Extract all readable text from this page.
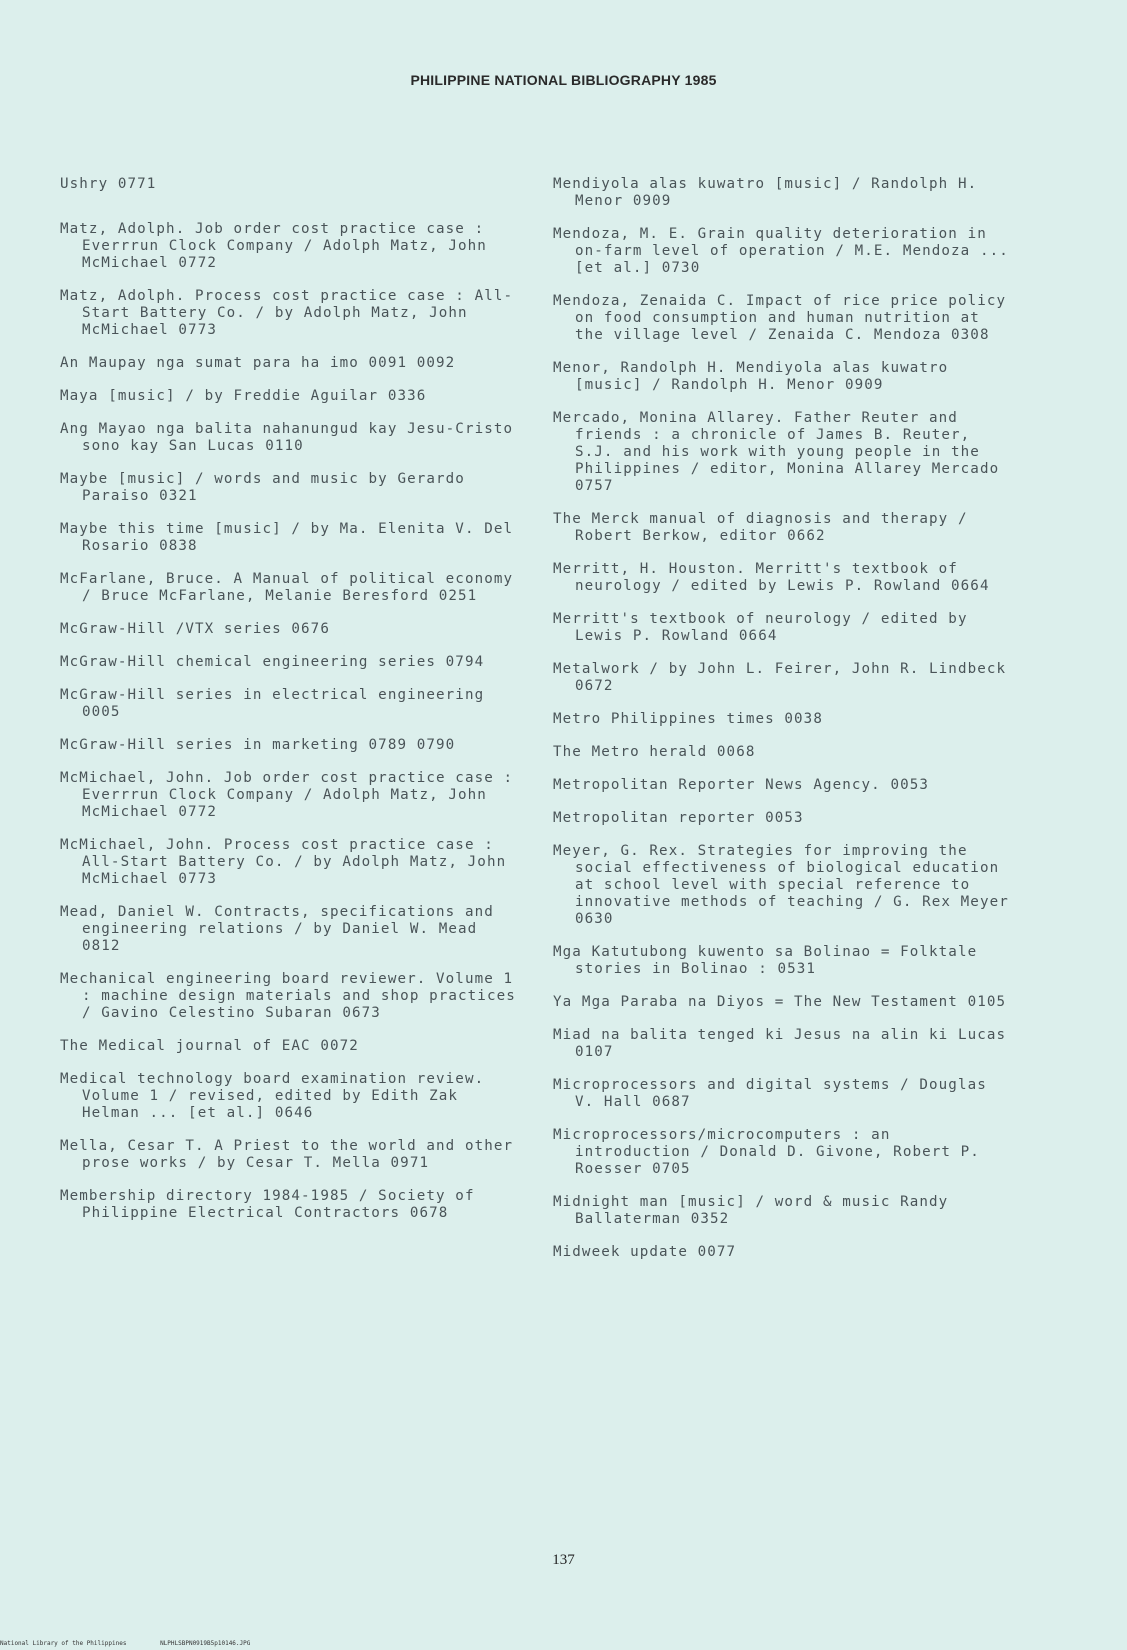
PHILIPPINE NATIONAL BIBLIOGRAPHY 1985

Ushry 0771

Matz, Adolph. Job order cost practice case : Everrrun Clock Company / Adolph Matz, John McMichael 0772

Matz, Adolph. Process cost practice case : All-Start Battery Co. / by Adolph Matz, John McMichael 0773

An Maupay nga sumat para ha imo 0091 0092

Maya [music] / by Freddie Aguilar 0336

Ang Mayao nga balita nahanungud kay Jesu-Cristo sono kay San Lucas 0110

Maybe [music] / words and music by Gerardo Paraiso 0321

Maybe this time [music] / by Ma. Elenita V. Del Rosario 0838

McFarlane, Bruce. A Manual of political economy / Bruce McFarlane, Melanie Beresford 0251

McGraw-Hill /VTX series 0676

McGraw-Hill chemical engineering series 0794

McGraw-Hill series in electrical engineering 0005

McGraw-Hill series in marketing 0789 0790

McMichael, John. Job order cost practice case : Everrrun Clock Company / Adolph Matz, John McMichael 0772

McMichael, John. Process cost practice case : All-Start Battery Co. / by Adolph Matz, John McMichael 0773

Mead, Daniel W. Contracts, specifications and engineering relations / by Daniel W. Mead 0812

Mechanical engineering board reviewer. Volume 1 : machine design materials and shop practices / Gavino Celestino Subaran 0673

The Medical journal of EAC 0072

Medical technology board examination review. Volume 1 / revised, edited by Edith Zak Helman ... [et al.] 0646

Mella, Cesar T. A Priest to the world and other prose works / by Cesar T. Mella 0971

Membership directory 1984-1985 / Society of Philippine Electrical Contractors 0678

Mendiyola alas kuwatro [music] / Randolph H. Menor 0909

Mendoza, M. E. Grain quality deterioration in on-farm level of operation / M.E. Mendoza ... [et al.] 0730

Mendoza, Zenaida C. Impact of rice price policy on food consumption and human nutrition at the village level / Zenaida C. Mendoza 0308

Menor, Randolph H. Mendiyola alas kuwatro [music] / Randolph H. Menor 0909

Mercado, Monina Allarey. Father Reuter and friends : a chronicle of James B. Reuter, S.J. and his work with young people in the Philippines / editor, Monina Allarey Mercado 0757

The Merck manual of diagnosis and therapy / Robert Berkow, editor 0662

Merritt, H. Houston. Merritt's textbook of neurology / edited by Lewis P. Rowland 0664

Merritt's textbook of neurology / edited by Lewis P. Rowland 0664

Metalwork / by John L. Feirer, John R. Lindbeck 0672

Metro Philippines times 0038

The Metro herald 0068

Metropolitan Reporter News Agency. 0053

Metropolitan reporter 0053

Meyer, G. Rex. Strategies for improving the social effectiveness of biological education at school level with special reference to innovative methods of teaching / G. Rex Meyer 0630

Mga Katutubong kuwento sa Bolinao = Folktale stories in Bolinao : 0531

Ya Mga Paraba na Diyos = The New Testament 0105

Miad na balita tenged ki Jesus na alin ki Lucas 0107

Microprocessors and digital systems / Douglas V. Hall 0687

Microprocessors/microcomputers : an introduction / Donald D. Givone, Robert P. Roesser 0705

Midnight man [music] / word & music Randy Ballaterman 0352

Midweek update 0077

137
National Library of the Philippines	NLPHLSBPN0919B5p10146.JPG
